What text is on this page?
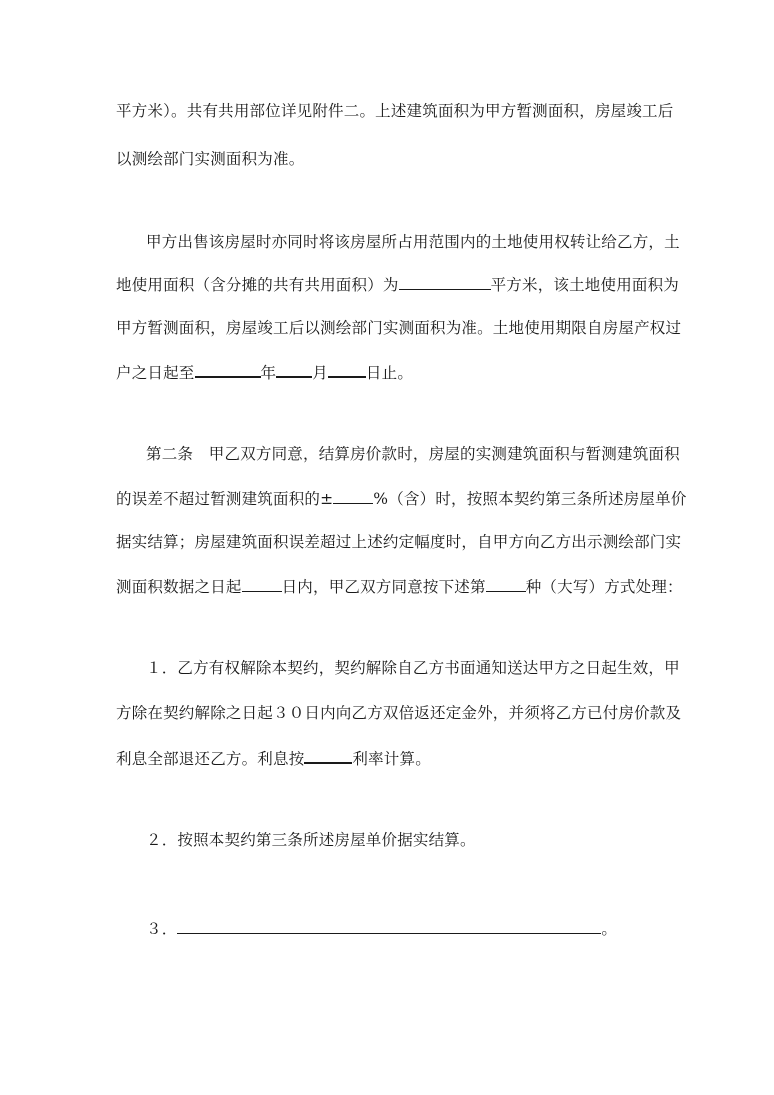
平方米）。共有共用部位详见附件二。上述建筑面积为甲方暂测面积，房屋竣工后
以测绘部门实测面积为准。
甲方出售该房屋时亦同时将该房屋所占用范围内的土地使用权转让给乙方，土
地使用面积（含分摊的共有共用面积）为	平方米，该土地使用面积为
甲方暂测面积，房屋竣工后以测绘部门实测面积为准。土地使用期限自房屋产权过
户之日起至	年 月 日止。
第二条　甲乙双方同意，结算房价款时，房屋的实测建筑面积与暂测建筑面积
的误差不超过暂测建筑面积的±	%（含）时，按照本契约第三条所述房屋单价
据实结算；房屋建筑面积误差超过上述约定幅度时，自甲方向乙方出示测绘部门实
测面积数据之日起	日内，甲乙双方同意按下述第	种（大写）方式处理：
１．乙方有权解除本契约，契约解除自乙方书面通知送达甲方之日起生效，甲
方除在契约解除之日起３０日内向乙方双倍返还定金外，并须将乙方已付房价款及
利息全部退还乙方。利息按	利率计算。
２．按照本契约第三条所述房屋单价据实结算。
３．	。
